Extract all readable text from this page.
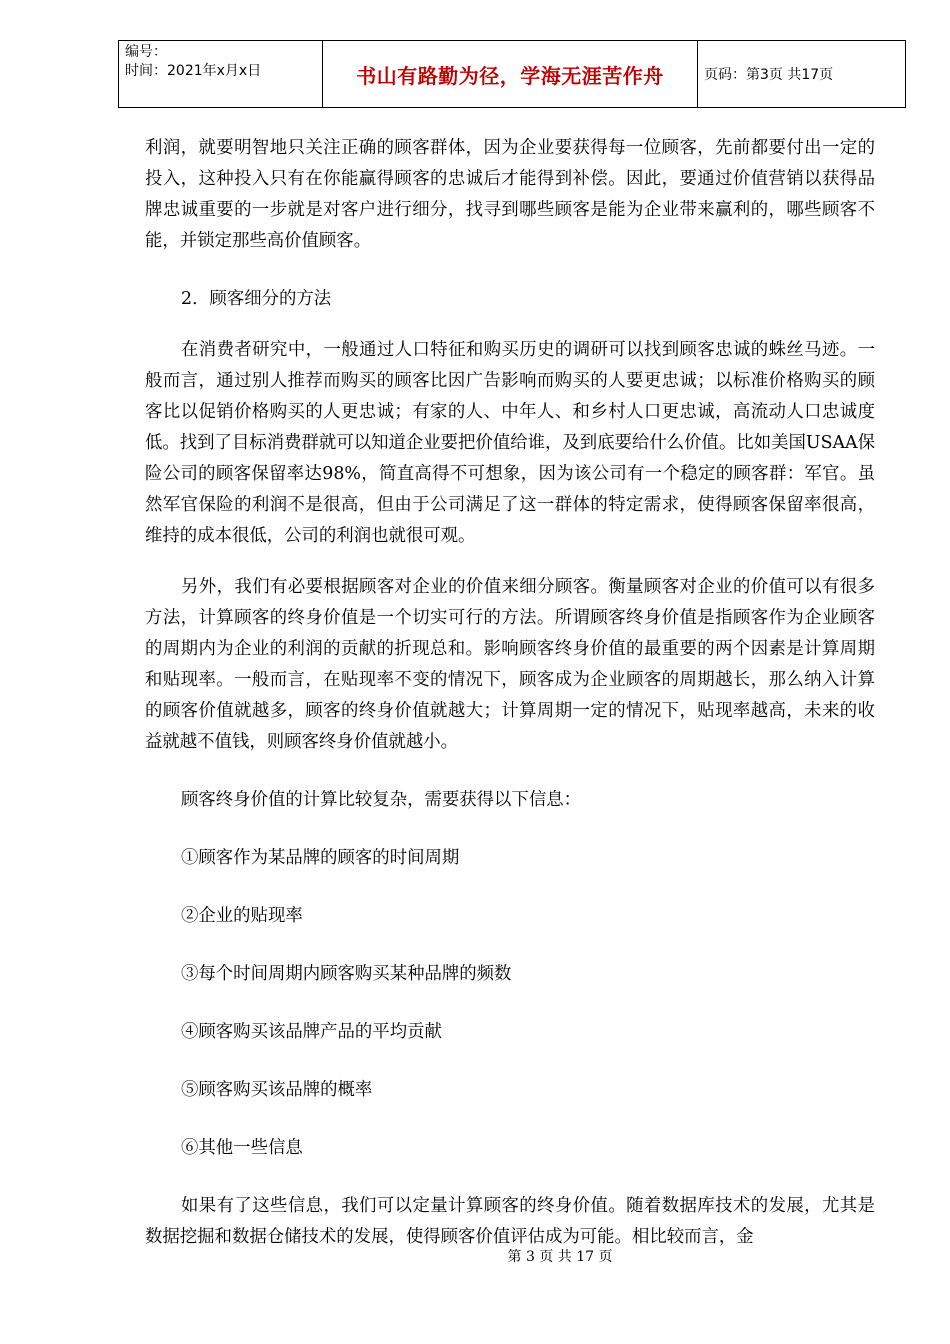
编号：
时间：2021年x月x日	书山有路勤为径，学海无涯苦作舟	页码：第3页 共17页

利润，就要明智地只关注正确的顾客群体，因为企业要获得每一位顾客，先前都要付出一定的投入，这种投入只有在你能赢得顾客的忠诚后才能得到补偿。因此，要通过价值营销以获得品牌忠诚重要的一步就是对客户进行细分，找寻到哪些顾客是能为企业带来赢利的，哪些顾客不能，并锁定那些高价值顾客。

2．顾客细分的方法

在消费者研究中，一般通过人口特征和购买历史的调研可以找到顾客忠诚的蛛丝马迹。一般而言，通过别人推荐而购买的顾客比因广告影响而购买的人要更忠诚；以标准价格购买的顾客比以促销价格购买的人更忠诚；有家的人、中年人、和乡村人口更忠诚，高流动人口忠诚度低。找到了目标消费群就可以知道企业要把价值给谁，及到底要给什么价值。比如美国USAA保险公司的顾客保留率达98%，简直高得不可想象，因为该公司有一个稳定的顾客群：军官。虽然军官保险的利润不是很高，但由于公司满足了这一群体的特定需求，使得顾客保留率很高，维持的成本很低，公司的利润也就很可观。

另外，我们有必要根据顾客对企业的价值来细分顾客。衡量顾客对企业的价值可以有很多方法，计算顾客的终身价值是一个切实可行的方法。所谓顾客终身价值是指顾客作为企业顾客的周期内为企业的利润的贡献的折现总和。影响顾客终身价值的最重要的两个因素是计算周期和贴现率。一般而言，在贴现率不变的情况下，顾客成为企业顾客的周期越长，那么纳入计算的顾客价值就越多，顾客的终身价值就越大；计算周期一定的情况下，贴现率越高，未来的收益就越不值钱，则顾客终身价值就越小。

顾客终身价值的计算比较复杂，需要获得以下信息：

①顾客作为某品牌的顾客的时间周期

②企业的贴现率

③每个时间周期内顾客购买某种品牌的频数

④顾客购买该品牌产品的平均贡献

⑤顾客购买该品牌的概率

⑥其他一些信息

如果有了这些信息，我们可以定量计算顾客的终身价值。随着数据库技术的发展，尤其是数据挖掘和数据仓储技术的发展，使得顾客价值评估成为可能。相比较而言，金

第 3 页 共 17 页
